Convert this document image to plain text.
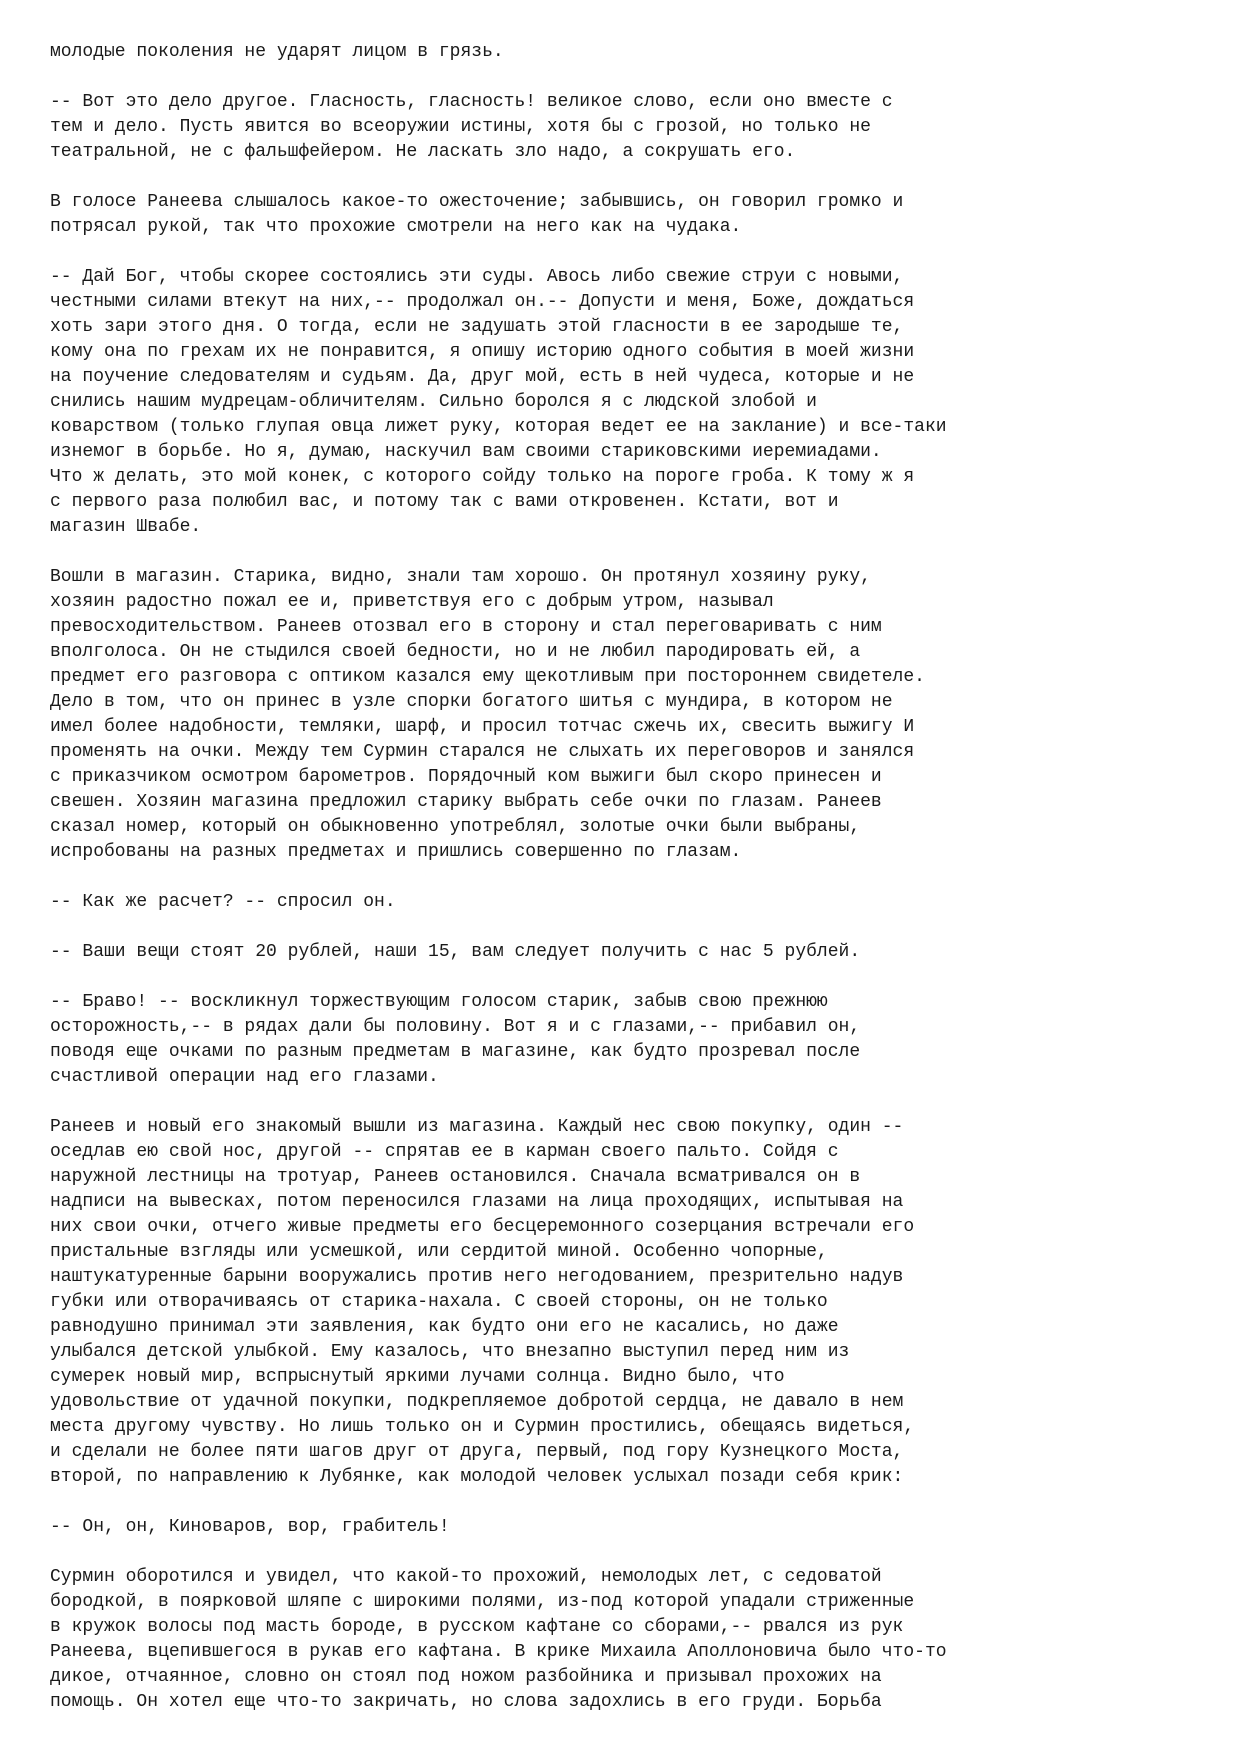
молодые поколения не ударят лицом в грязь.
-- Вот это дело другое. Гласность, гласность! великое слово, если оно вместе с
тем и дело. Пусть явится во всеоружии истины, хотя бы с грозой, но только не
театральной, не с фальшфейером. Не ласкать зло надо, а сокрушать его.
В голосе Ранеева слышалось какое-то ожесточение; забывшись, он говорил громко и
потрясал рукой, так что прохожие смотрели на него как на чудака.
-- Дай Бог, чтобы скорее состоялись эти суды. Авось либо свежие струи с новыми,
честными силами втекут на них,-- продолжал он.-- Допусти и меня, Боже, дождаться
хоть зари этого дня. О тогда, если не задушать этой гласности в ее зародыше те,
кому она по грехам их не понравится, я опишу историю одного события в моей жизни
на поучение следователям и судьям. Да, друг мой, есть в ней чудеса, которые и не
снились нашим мудрецам-обличителям. Сильно боролся я с людской злобой и
коварством (только глупая овца лижет руку, которая ведет ее на заклание) и все-таки
изнемог в борьбе. Но я, думаю, наскучил вам своими стариковскими иеремиадами.
Что ж делать, это мой конек, с которого сойду только на пороге гроба. К тому ж я
с первого раза полюбил вас, и потому так с вами откровенен. Кстати, вот и
магазин Швабе.
Вошли в магазин. Старика, видно, знали там хорошо. Он протянул хозяину руку,
хозяин радостно пожал ее и, приветствуя его с добрым утром, называл
превосходительством. Ранеев отозвал его в сторону и стал переговаривать с ним
вполголоса. Он не стыдился своей бедности, но и не любил пародировать ей, а
предмет его разговора с оптиком казался ему щекотливым при постороннем свидетеле.
Дело в том, что он принес в узле спорки богатого шитья с мундира, в котором не
имел более надобности, темляки, шарф, и просил тотчас сжечь их, свесить выжигу И
променять на очки. Между тем Сурмин старался не слыхать их переговоров и занялся
с приказчиком осмотром барометров. Порядочный ком выжиги был скоро принесен и
свешен. Хозяин магазина предложил старику выбрать себе очки по глазам. Ранеев
сказал номер, который он обыкновенно употреблял, золотые очки были выбраны,
испробованы на разных предметах и пришлись совершенно по глазам.
-- Как же расчет? -- спросил он.
-- Ваши вещи стоят 20 рублей, наши 15, вам следует получить с нас 5 рублей.
-- Браво! -- воскликнул торжествующим голосом старик, забыв свою прежнюю
осторожность,-- в рядах дали бы половину. Вот я и с глазами,-- прибавил он,
поводя еще очками по разным предметам в магазине, как будто прозревал после
счастливой операции над его глазами.
Ранеев и новый его знакомый вышли из магазина. Каждый нес свою покупку, один --
оседлав ею свой нос, другой -- спрятав ее в карман своего пальто. Сойдя с
наружной лестницы на тротуар, Ранеев остановился. Сначала всматривался он в
надписи на вывесках, потом переносился глазами на лица проходящих, испытывая на
них свои очки, отчего живые предметы его бесцеремонного созерцания встречали его
пристальные взгляды или усмешкой, или сердитой миной. Особенно чопорные,
наштукатуренные барыни вооружались против него негодованием, презрительно надув
губки или отворачиваясь от старика-нахала. С своей стороны, он не только
равнодушно принимал эти заявления, как будто они его не касались, но даже
улыбался детской улыбкой. Ему казалось, что внезапно выступил перед ним из
сумерек новый мир, вспрыснутый яркими лучами солнца. Видно было, что
удовольствие от удачной покупки, подкрепляемое добротой сердца, не давало в нем
места другому чувству. Но лишь только он и Сурмин простились, обещаясь видеться,
и сделали не более пяти шагов друг от друга, первый, под гору Кузнецкого Моста,
второй, по направлению к Лубянке, как молодой человек услыхал позади себя крик:
-- Он, он, Киноваров, вор, грабитель!
Сурмин оборотился и увидел, что какой-то прохожий, немолодых лет, с седоватой
бородкой, в поярковой шляпе с широкими полями, из-под которой упадали стриженные
в кружок волосы под масть бороде, в русском кафтане со сборами,-- рвался из рук
Ранеева, вцепившегося в рукав его кафтана. В крике Михаила Аполлоновича было что-то
дикое, отчаянное, словно он стоял под ножом разбойника и призывал прохожих на
помощь. Он хотел еще что-то закричать, но слова задохлись в его груди. Борьба
